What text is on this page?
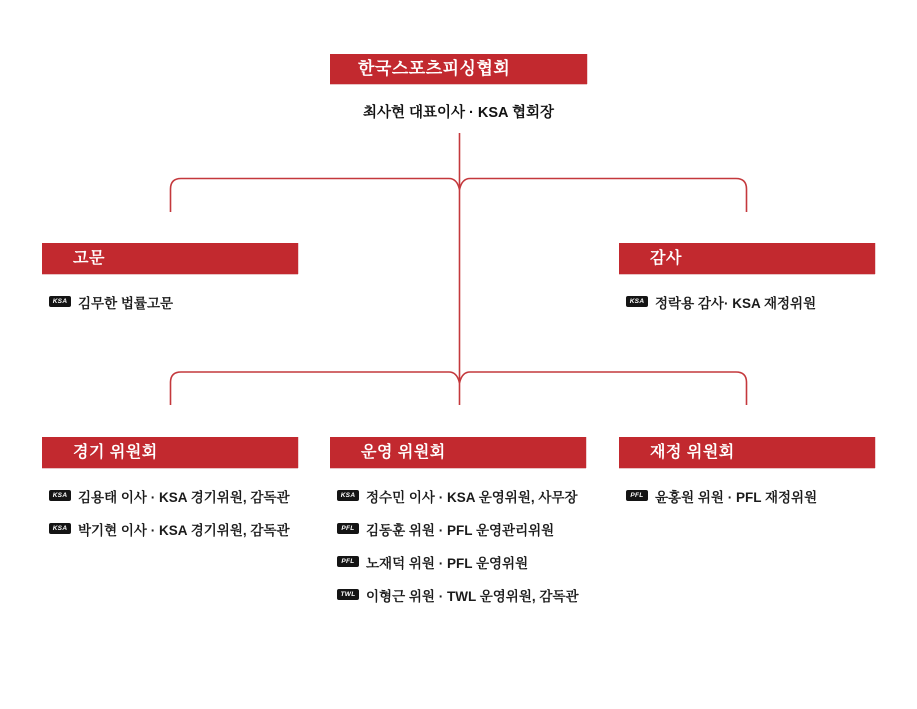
한국스포츠피싱협회
최사현 대표이사 · KSA 협회장
고문
KSA 김무한 법률고문
감사
KSA 정락용 감사· KSA 재정위원
경기 위원회
KSA 김용태 이사 · KSA 경기위원, 감독관
KSA 박기현 이사 · KSA 경기위원, 감독관
운영 위원회
KSA 정수민 이사 · KSA 운영위원, 사무장
PFL 김동훈 위원 · PFL 운영관리위원
PFL 노재덕 위원 · PFL 운영위원
TWL 이형근 위원 · TWL 운영위원, 감독관
재정 위원회
PFL 윤홍원 위원 · PFL 재정위원
